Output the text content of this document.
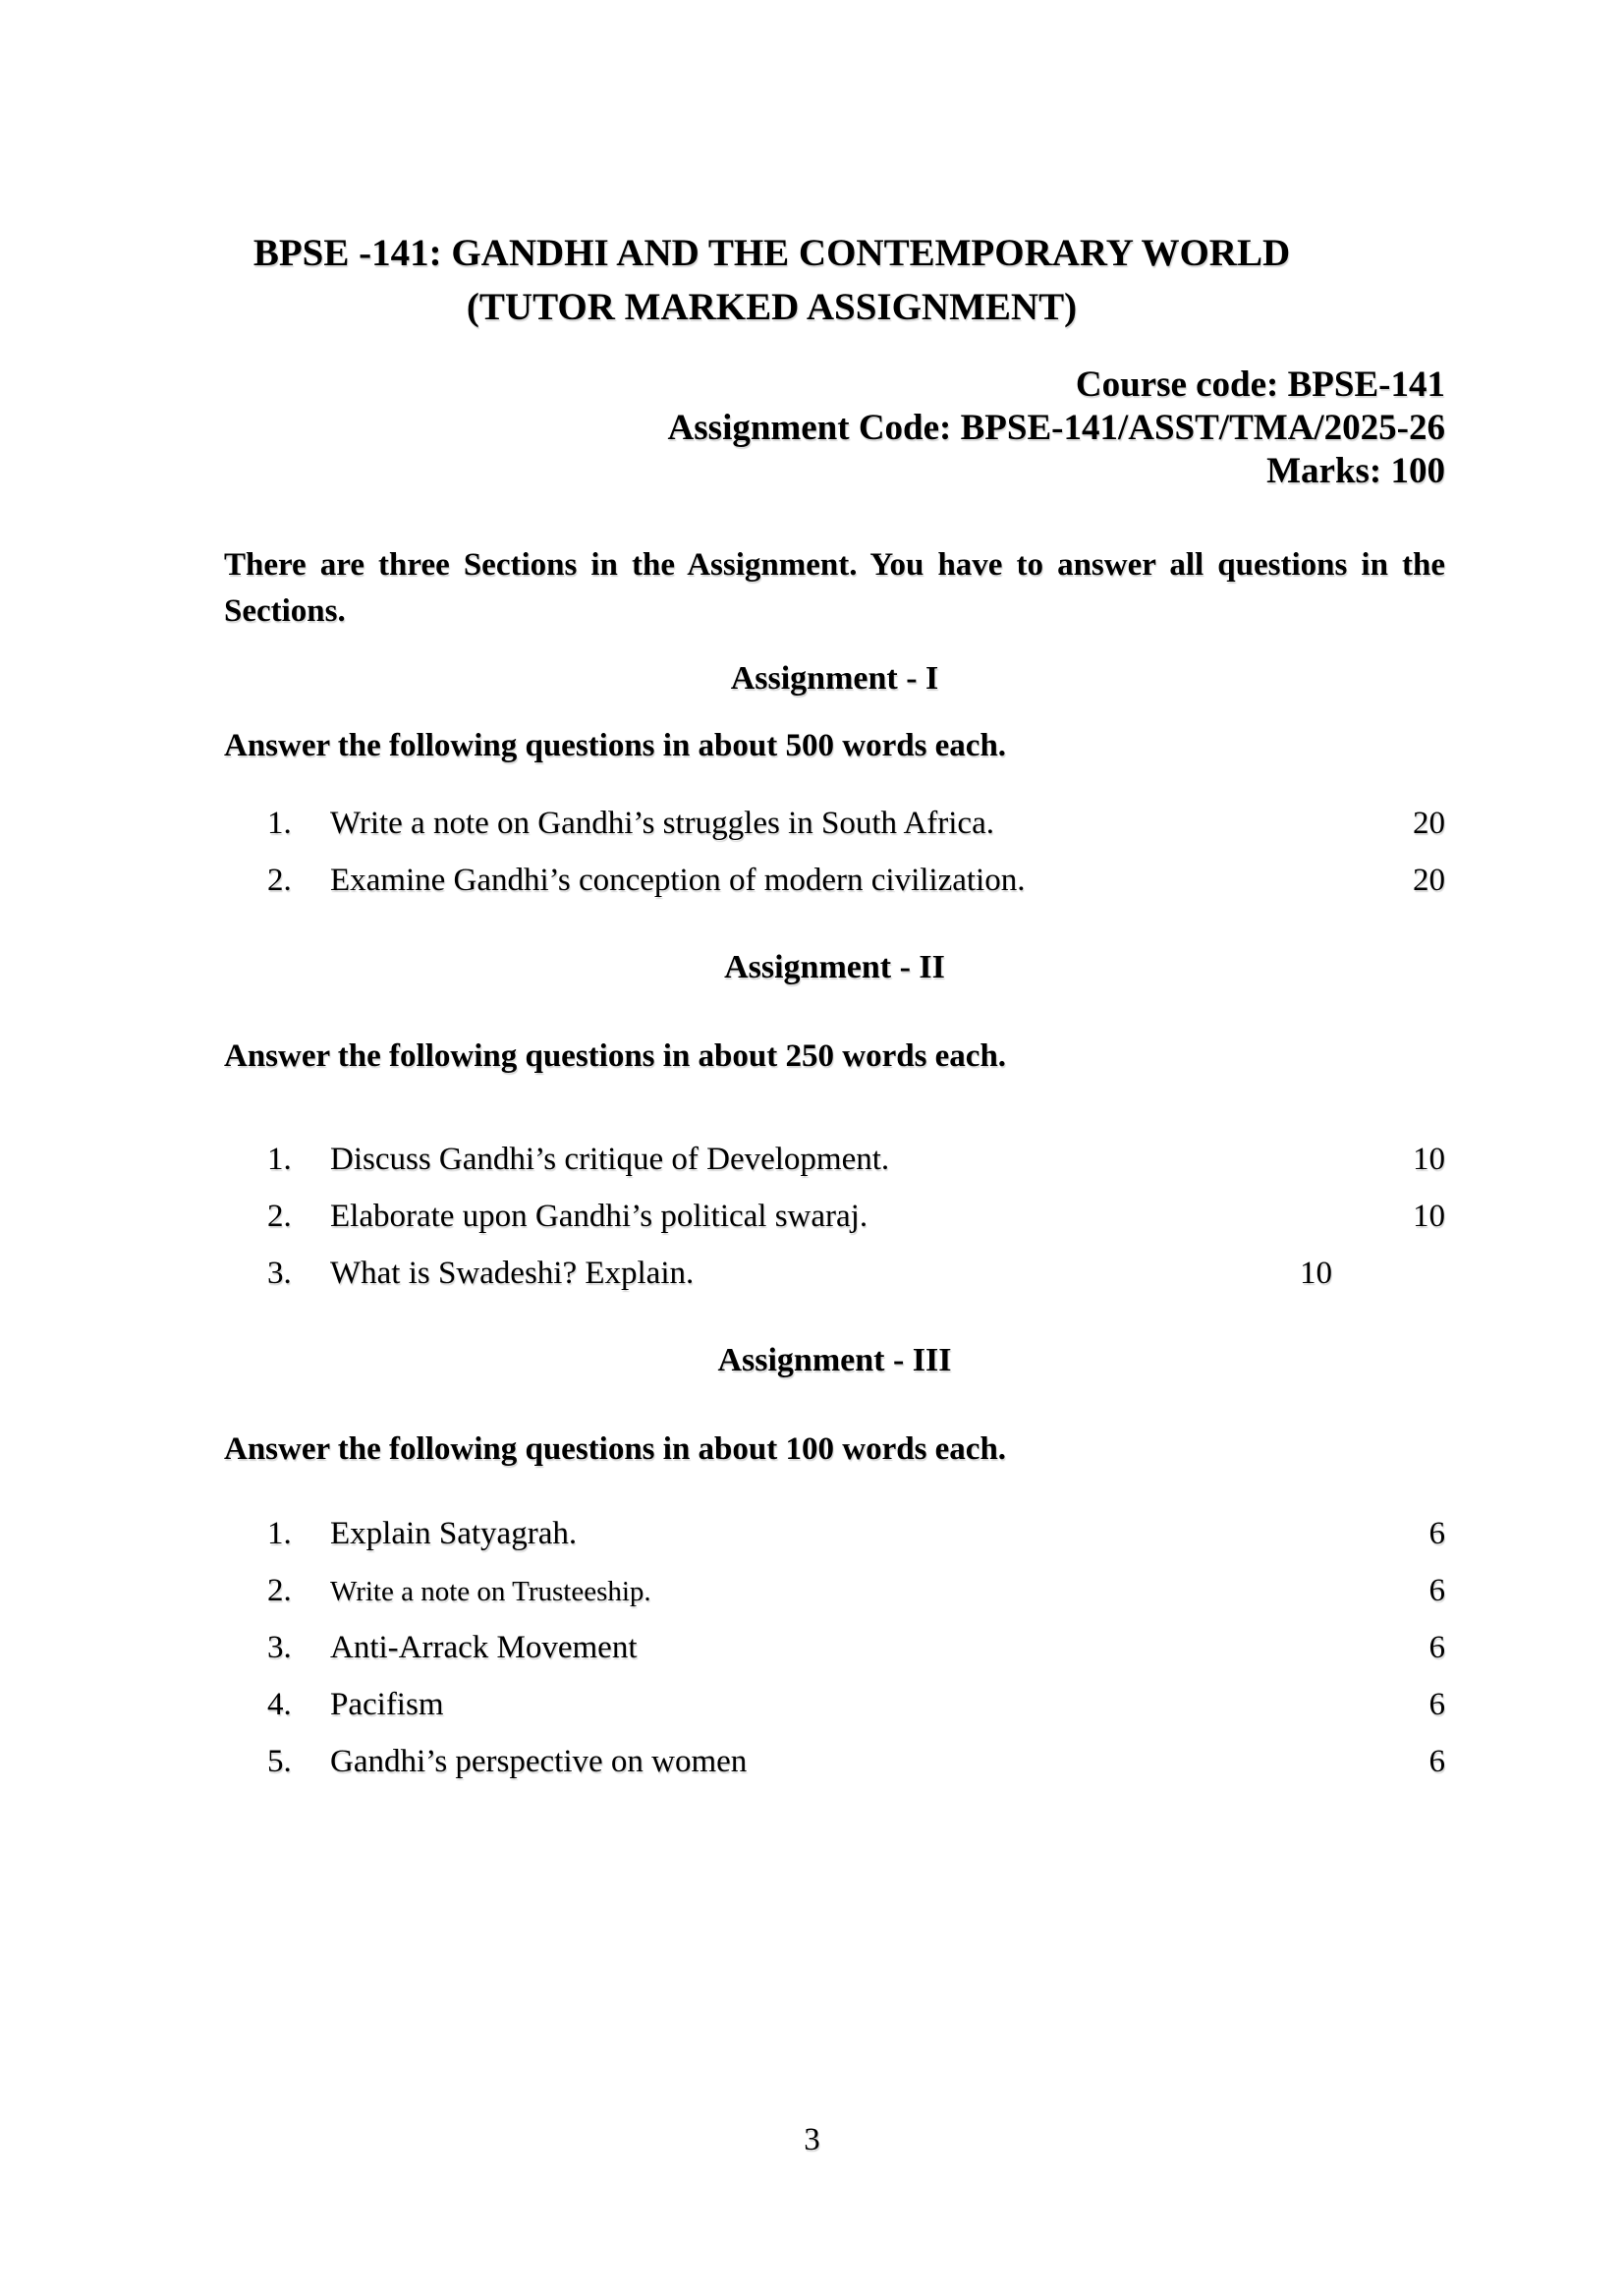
BPSE -141: GANDHI AND THE CONTEMPORARY WORLD
(TUTOR MARKED ASSIGNMENT)
Course code: BPSE-141
Assignment Code: BPSE-141/ASST/TMA/2025-26
Marks: 100
There are three Sections in the Assignment. You have to answer all questions in the Sections.
Assignment - I
Answer the following questions in about 500 words each.
1.	Write a note on Gandhi’s struggles in South Africa.	20
2.	Examine Gandhi’s conception of modern civilization.	20
Assignment - II
Answer the following questions in about 250 words each.
1.	Discuss Gandhi’s critique of Development.	10
2.	Elaborate upon Gandhi’s political swaraj.	10
3.	What is Swadeshi? Explain.	10
Assignment - III
Answer the following questions in about 100 words each.
1.	Explain Satyagrah.	6
2.	Write a note on Trusteeship.	6
3.	Anti-Arrack Movement	6
4.	Pacifism	6
5.	Gandhi’s perspective on women	6
3
